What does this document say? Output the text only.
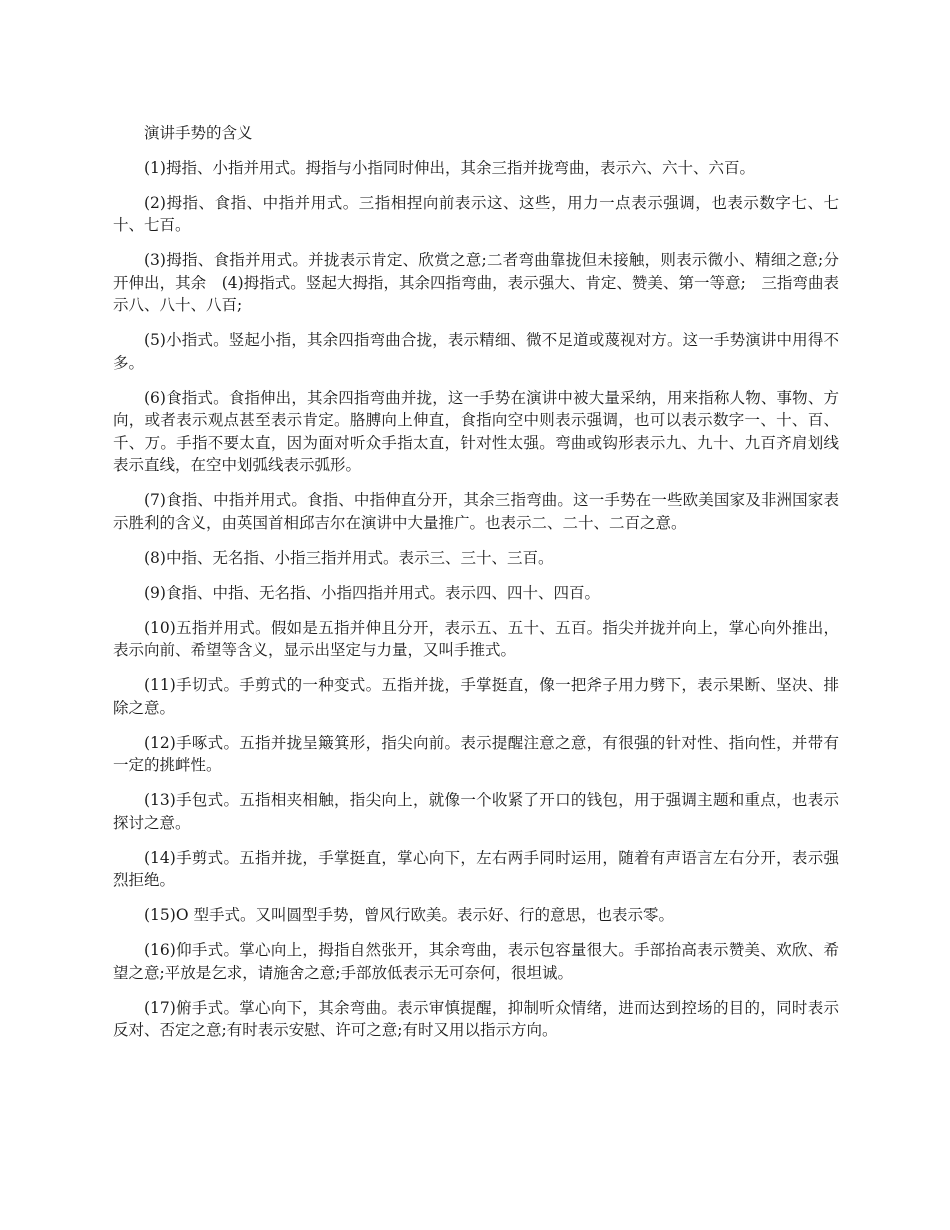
演讲手势的含义

(1)拇指、小指并用式。拇指与小指同时伸出，其余三指并拢弯曲，表示六、六十、六百。

(2)拇指、食指、中指并用式。三指相捏向前表示这、这些，用力一点表示强调，也表示数字七、七十、七百。

(3)拇指、食指并用式。并拢表示肯定、欣赏之意;二者弯曲靠拢但未接触，则表示微小、精细之意;分开伸出，其余　(4)拇指式。竖起大拇指，其余四指弯曲，表示强大、肯定、赞美、第一等意;　三指弯曲表示八、八十、八百;

(5)小指式。竖起小指，其余四指弯曲合拢，表示精细、微不足道或蔑视对方。这一手势演讲中用得不多。

(6)食指式。食指伸出，其余四指弯曲并拢，这一手势在演讲中被大量采纳，用来指称人物、事物、方向，或者表示观点甚至表示肯定。胳膊向上伸直，食指向空中则表示强调，也可以表示数字一、十、百、千、万。手指不要太直，因为面对听众手指太直，针对性太强。弯曲或钩形表示九、九十、九百齐肩划线表示直线，在空中划弧线表示弧形。

(7)食指、中指并用式。食指、中指伸直分开，其余三指弯曲。这一手势在一些欧美国家及非洲国家表示胜利的含义，由英国首相邱吉尔在演讲中大量推广。也表示二、二十、二百之意。

(8)中指、无名指、小指三指并用式。表示三、三十、三百。

(9)食指、中指、无名指、小指四指并用式。表示四、四十、四百。

(10)五指并用式。假如是五指并伸且分开，表示五、五十、五百。指尖并拢并向上，掌心向外推出，表示向前、希望等含义，显示出坚定与力量，又叫手推式。

(11)手切式。手剪式的一种变式。五指并拢，手掌挺直，像一把斧子用力劈下，表示果断、坚决、排除之意。

(12)手啄式。五指并拢呈簸箕形，指尖向前。表示提醒注意之意，有很强的针对性、指向性，并带有一定的挑衅性。

(13)手包式。五指相夹相触，指尖向上，就像一个收紧了开口的钱包，用于强调主题和重点，也表示探讨之意。

(14)手剪式。五指并拢，手掌挺直，掌心向下，左右两手同时运用，随着有声语言左右分开，表示强烈拒绝。

(15)O 型手式。又叫圆型手势，曾风行欧美。表示好、行的意思，也表示零。

(16)仰手式。掌心向上，拇指自然张开，其余弯曲，表示包容量很大。手部抬高表示赞美、欢欣、希望之意;平放是乞求，请施舍之意;手部放低表示无可奈何，很坦诚。

(17)俯手式。掌心向下，其余弯曲。表示审慎提醒，抑制听众情绪，进而达到控场的目的，同时表示反对、否定之意;有时表示安慰、许可之意;有时又用以指示方向。
